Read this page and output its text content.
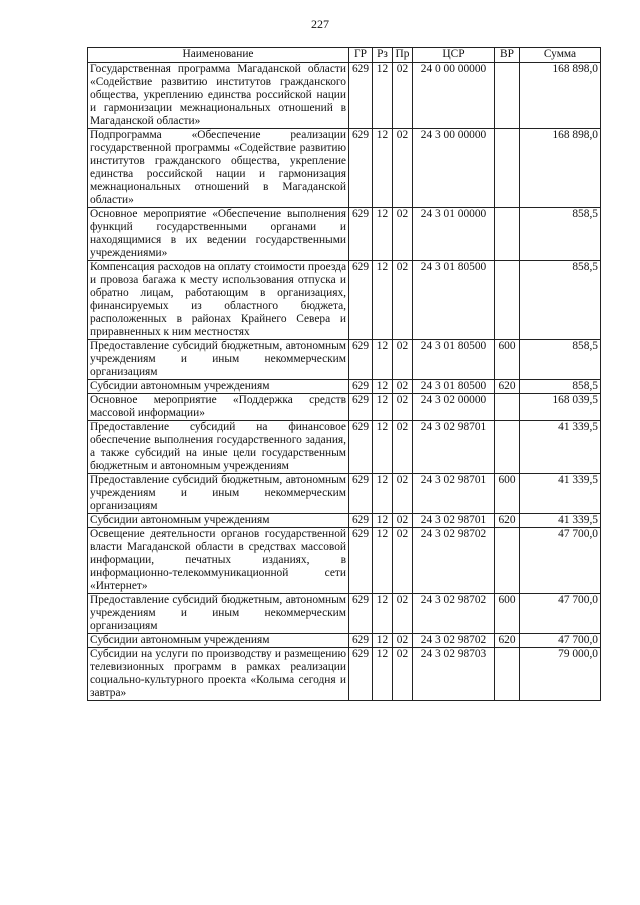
227
Наименование	ГР	Рз	Пр	ЦСР	ВР	Сумма
Государственная программа Магаданской области «Содействие развитию институтов гражданского общества, укреплению единства российской нации и гармонизации межнациональных отношений в Магаданской области»	629	12	02	24 0 00 00000		168 898,0
Подпрограмма «Обеспечение реализации государственной программы «Содействие развитию институтов гражданского общества, укрепление единства российской нации и гармонизация межнациональных отношений в Магаданской области»	629	12	02	24 3 00 00000		168 898,0
Основное мероприятие «Обеспечение выполнения функций государственными органами и находящимися в их ведении государственными учреждениями»	629	12	02	24 3 01 00000		858,5
Компенсация расходов на оплату стоимости проезда и провоза багажа к месту использования отпуска и обратно лицам, работающим в организациях, финансируемых из областного бюджета, расположенных в районах Крайнего Севера и приравненных к ним местностях	629	12	02	24 3 01 80500		858,5
Предоставление субсидий бюджетным, автономным учреждениям и иным некоммерческим организациям	629	12	02	24 3 01 80500	600	858,5
Субсидии автономным учреждениям	629	12	02	24 3 01 80500	620	858,5
Основное мероприятие «Поддержка средств массовой информации»	629	12	02	24 3 02 00000		168 039,5
Предоставление субсидий на финансовое обеспечение выполнения государственного задания, а также субсидий на иные цели государственным бюджетным и автономным учреждениям	629	12	02	24 3 02 98701		41 339,5
Предоставление субсидий бюджетным, автономным учреждениям и иным некоммерческим организациям	629	12	02	24 3 02 98701	600	41 339,5
Субсидии автономным учреждениям	629	12	02	24 3 02 98701	620	41 339,5
Освещение деятельности органов государственной власти Магаданской области в средствах массовой информации, печатных изданиях, в информационно-телекоммуникационной сети «Интернет»	629	12	02	24 3 02 98702		47 700,0
Предоставление субсидий бюджетным, автономным учреждениям и иным некоммерческим организациям	629	12	02	24 3 02 98702	600	47 700,0
Субсидии автономным учреждениям	629	12	02	24 3 02 98702	620	47 700,0
Субсидии на услуги по производству и размещению телевизионных программ в рамках реализации социально-культурного проекта «Колыма сегодня и завтра»	629	12	02	24 3 02 98703		79 000,0
